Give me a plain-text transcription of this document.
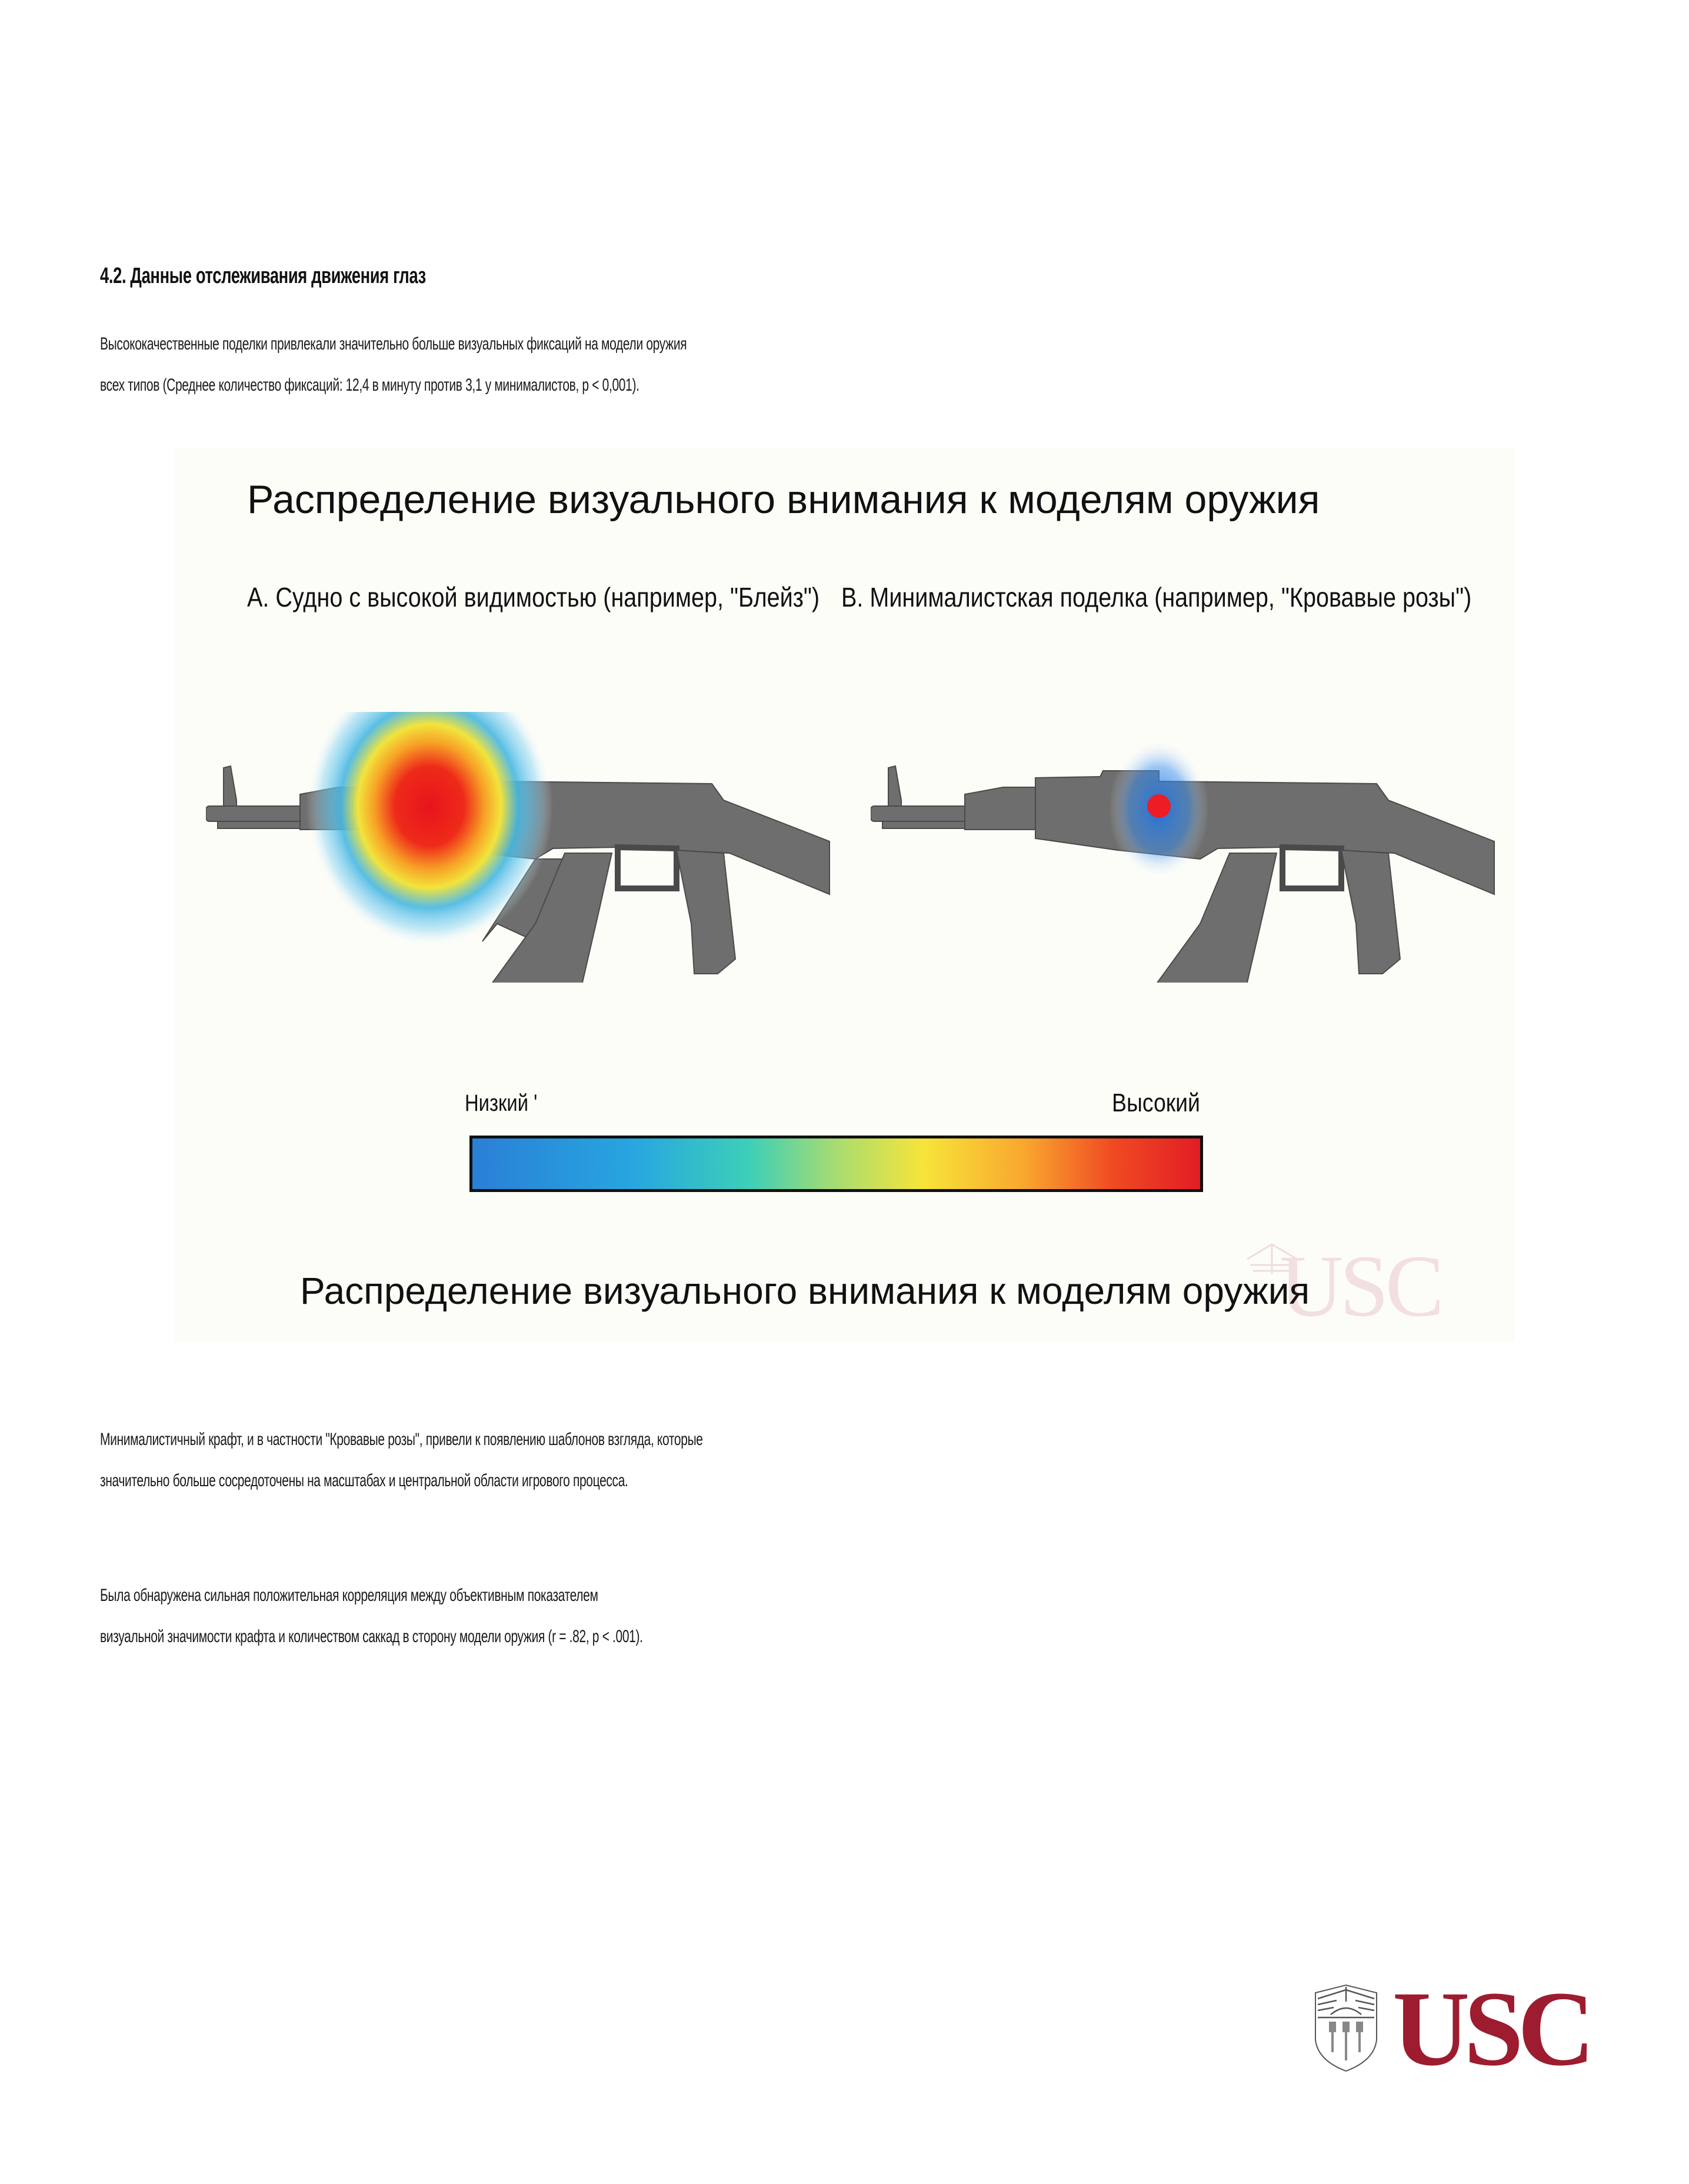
4.2. Данные отслеживания движения глаз
Высококачественные поделки привлекали значительно больше визуальных фиксаций на модели оружия
всех типов (Среднее количество фиксаций: 12,4 в минуту против 3,1 у минималистов, p < 0,001).
Распределение визуального внимания к моделям оружия
A. Судно с высокой видимостью (например, "Блейз") B. Минималистская поделка (например, "Кровавые розы")
Низкий '	Высокий
USC
Распределение визуального внимания к моделям оружия
Минималистичный крафт, и в частности "Кровавые розы", привели к появлению шаблонов взгляда, которые
значительно больше сосредоточены на масштабах и центральной области игрового процесса.
Была обнаружена сильная положительная корреляция между объективным показателем
визуальной значимости крафта и количеством саккад в сторону модели оружия (r = .82, p < .001).
USC
